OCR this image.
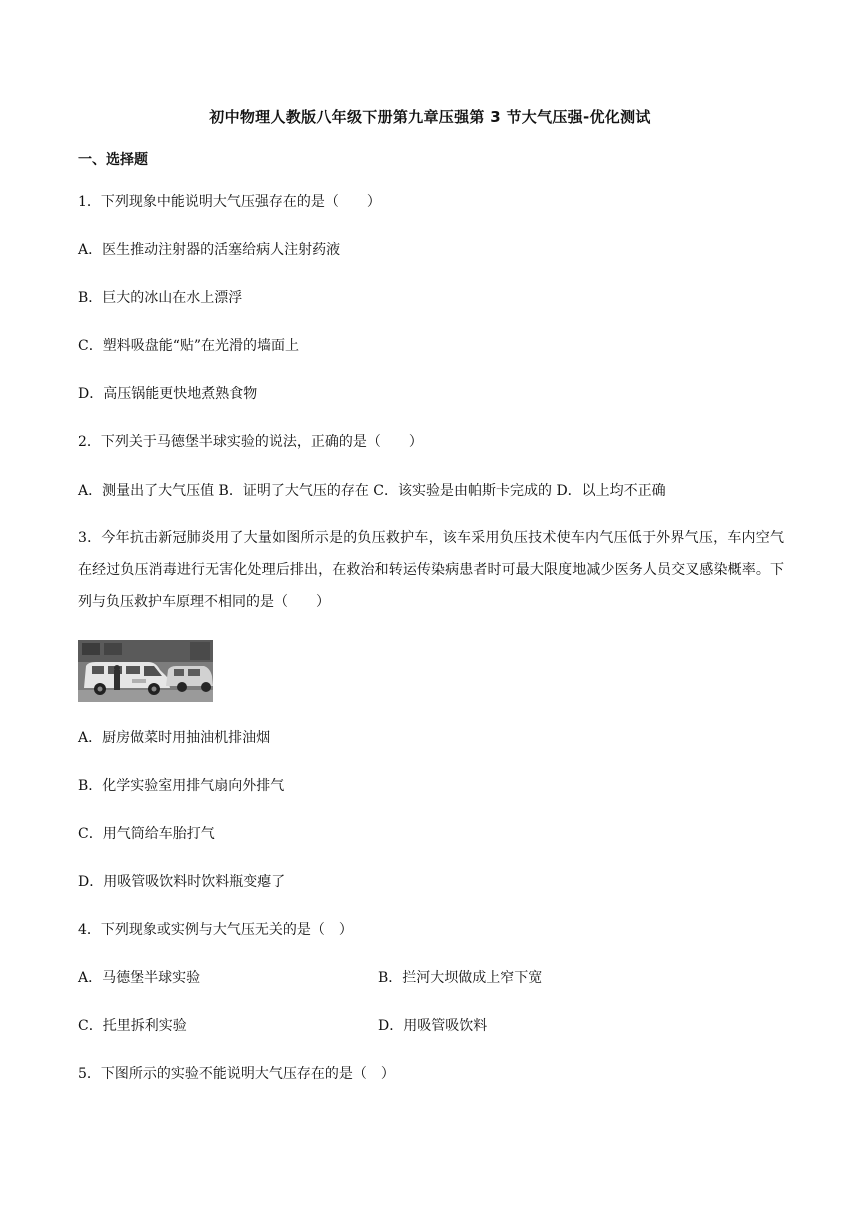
初中物理人教版八年级下册第九章压强第 3 节大气压强-优化测试
一、选择题
1．下列现象中能说明大气压强存在的是（　　）
A．医生推动注射器的活塞给病人注射药液
B．巨大的冰山在水上漂浮
C．塑料吸盘能“贴”在光滑的墙面上
D．高压锅能更快地煮熟食物
2．下列关于马德堡半球实验的说法，正确的是（　　）
A．测量出了大气压值 B．证明了大气压的存在 C．该实验是由帕斯卡完成的 D．以上均不正确
3．今年抗击新冠肺炎用了大量如图所示是的负压救护车，该车采用负压技术使车内气压低于外界气压，车内空气在经过负压消毒进行无害化处理后排出，在救治和转运传染病患者时可最大限度地减少医务人员交叉感染概率。下列与负压救护车原理不相同的是（　　）
A．厨房做菜时用抽油机排油烟
B．化学实验室用排气扇向外排气
C．用气筒给车胎打气
D．用吸管吸饮料时饮料瓶变瘪了
4．下列现象或实例与大气压无关的是（　）
A．马德堡半球实验	B．拦河大坝做成上窄下宽
C．托里拆利实验	D．用吸管吸饮料
5．下图所示的实验不能说明大气压存在的是（　）
